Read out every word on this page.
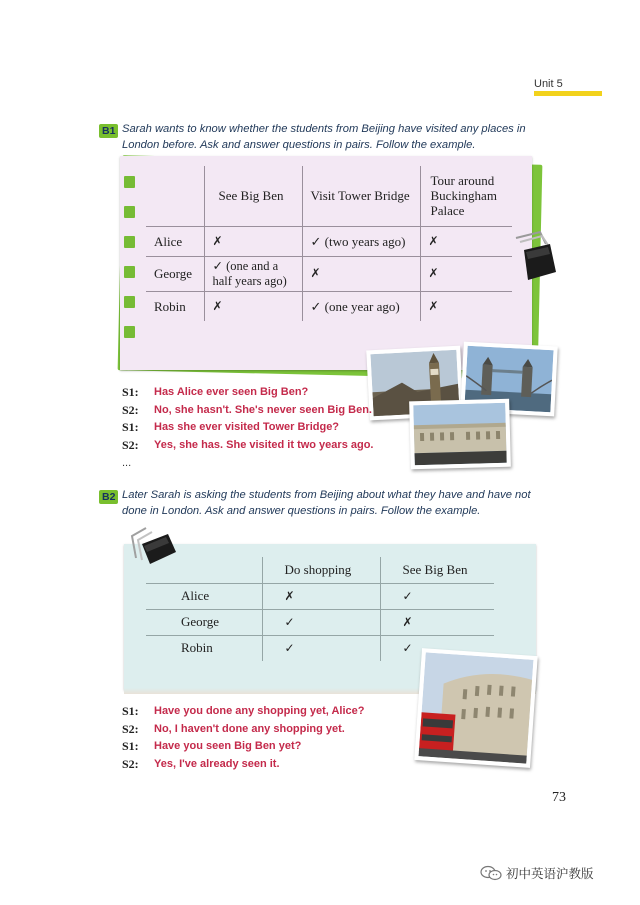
Unit 5
B1 Sarah wants to know whether the students from Beijing have visited any places in
London before. Ask and answer questions in pairs. Follow the example.
	See Big Ben	Visit Tower Bridge	Tour around Buckingham Palace
Alice	✗	✓ (two years ago)	✗
George	✓ (one and a half years ago)	✗	✗
Robin	✗	✓ (one year ago)	✗
S1:	Has Alice ever seen Big Ben?
S2:	No, she hasn't. She's never seen Big Ben.
S1:	Has she ever visited Tower Bridge?
S2:	Yes, she has. She visited it two years ago.
...
B2 Later Sarah is asking the students from Beijing about what they have and have not
done in London. Ask and answer questions in pairs. Follow the example.
	Do shopping	See Big Ben
Alice	✗	✓
George	✓	✗
Robin	✓	✓
S1:	Have you done any shopping yet, Alice?
S2:	No, I haven't done any shopping yet.
S1:	Have you seen Big Ben yet?
S2:	Yes, I've already seen it.
73
初中英语沪教版
